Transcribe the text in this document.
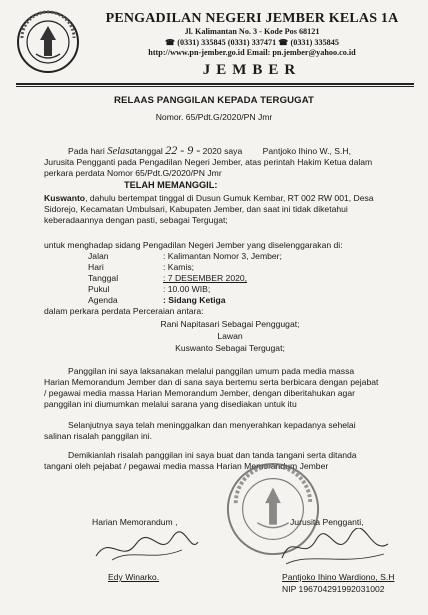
PENGADILAN NEGERI JEMBER KELAS 1A
Jl. Kalimantan No. 3 - Kode Pos 68121
☎ (0331) 335845 (0331) 337471 ☎ (0331) 335845
http://www.pn-jember.go.id Email: pn.jember@yahoo.co.id
JEMBER
RELAAS PANGGILAN KEPADA TERGUGAT
Nomor. 65/Pdt.G/2020/PN Jmr
Pada hari Selasatanggal 22 - 9 - 2020 saya Pantjoko Ihino W., S.H,
Jurusita Pengganti pada Pengadilan Negeri Jember, atas perintah Hakim Ketua dalam
perkara perdata Nomor 65/Pdt.G/2020/PN Jmr
TELAH MEMANGGIL:
Kuswanto, dahulu bertempat tinggal di Dusun Gumuk Kembar, RT 002 RW 001, Desa
Sidorejo, Kecamatan Umbulsari, Kabupaten Jember, dan saat ini tidak diketahui
keberadaannya dengan pasti, sebagai Tergugat;
untuk menghadap sidang Pengadilan Negeri Jember yang diselenggarakan di:
Jalan	: Kalimantan Nomor 3, Jember;
Hari	: Kamis;
Tanggal	: 7 DESEMBER 2020,
Pukul	: 10.00 WIB;
Agenda	: Sidang Ketiga
dalam perkara perdata Perceraian antara:
Rani Napitasari Sebagai Penggugat;
Lawan
Kuswanto Sebagai Tergugat;
Panggilan ini saya laksanakan melalui panggilan umum pada media massa
Harian Memorandum Jember dan di sana saya bertemu serta berbicara dengan pejabat
/ pegawai media massa Harian Memorandum Jember, dengan diberitahukan agar
panggilan ini diumumkan melalui sarana yang disediakan untuk itu
Selanjutnya saya telah meninggalkan dan menyerahkan kepadanya sehelai
salinan risalah panggilan ini.
Demikianlah risalah panggilan ini saya buat dan tanda tangani serta ditanda
tangani oleh pejabat / pegawai media massa Harian Memorandum Jember
Harian Memorandum ,
Edy Winarko.
Jurusita Pengganti,
Pantjoko Ihino Wardiono, S.H
NIP 196704291992031002
